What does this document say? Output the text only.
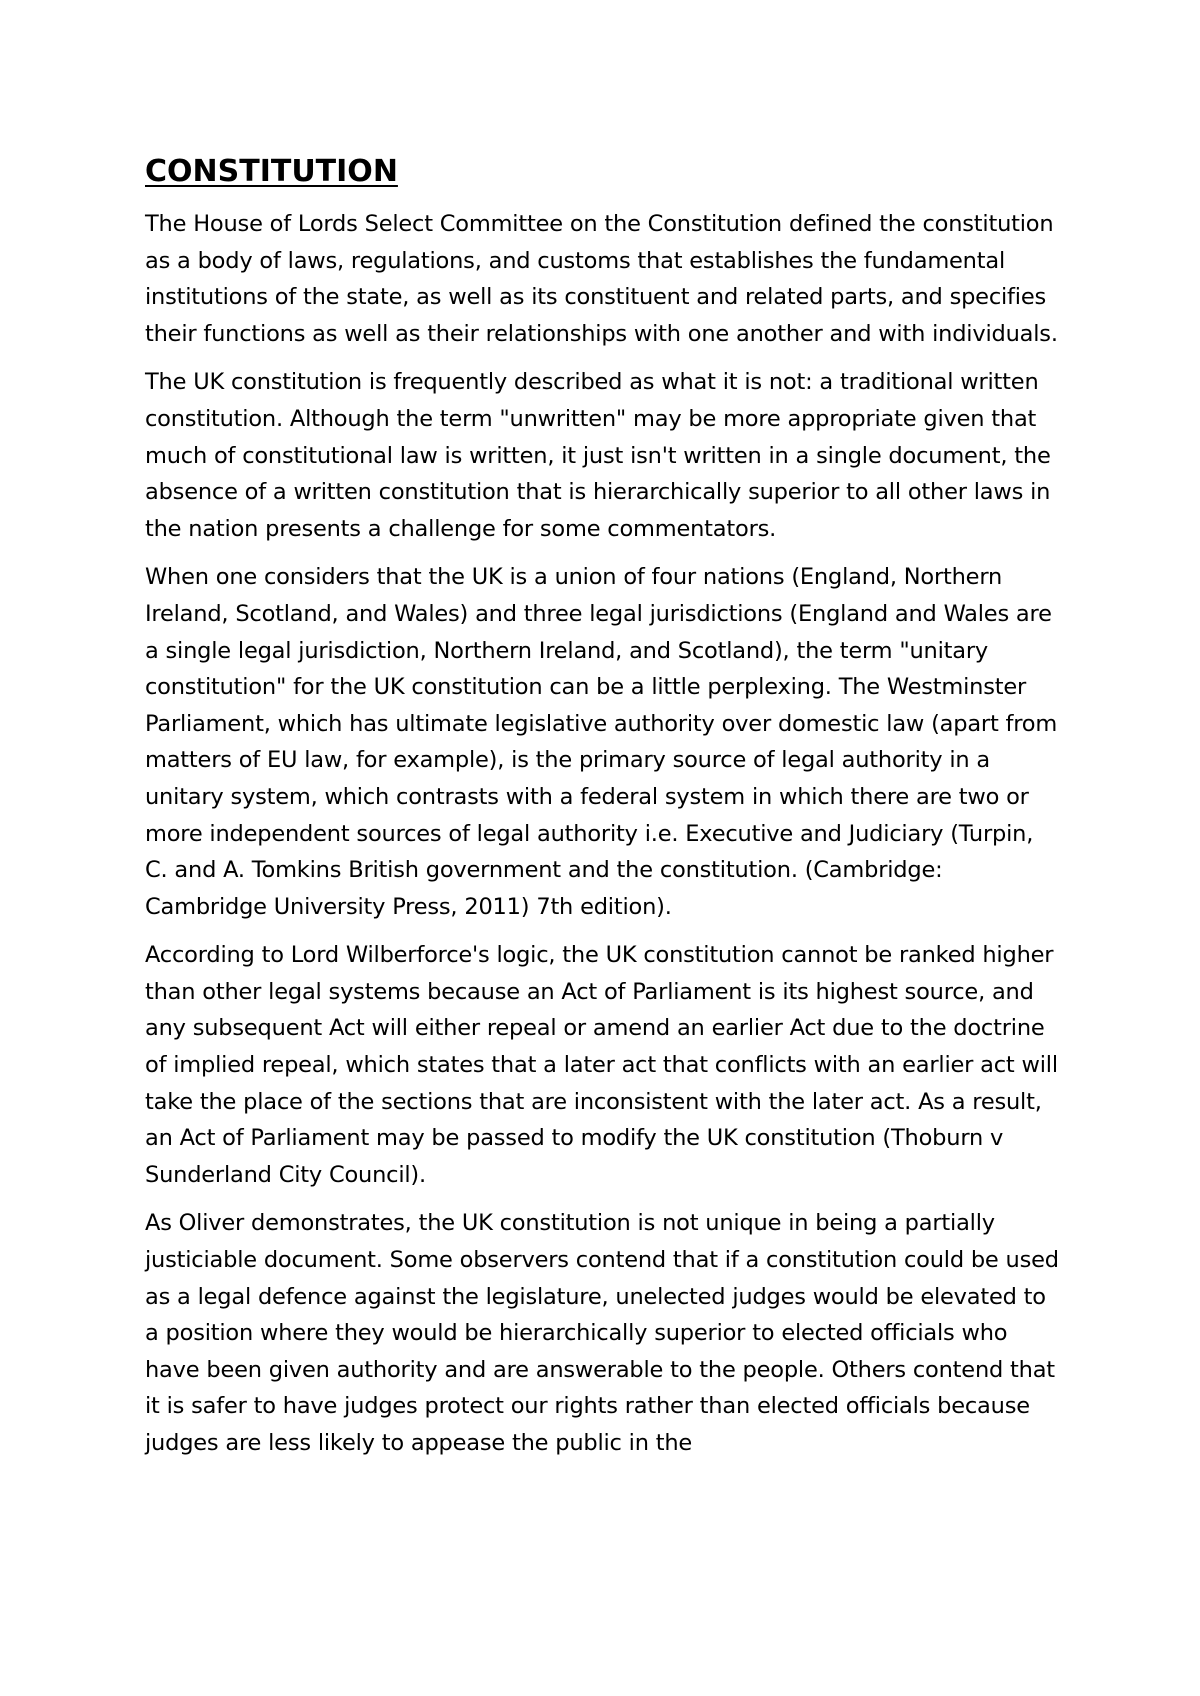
CONSTITUTION

The House of Lords Select Committee on the Constitution defined the constitution as a body of laws, regulations, and customs that establishes the fundamental institutions of the state, as well as its constituent and related parts, and specifies their functions as well as their relationships with one another and with individuals.

The UK constitution is frequently described as what it is not: a traditional written constitution. Although the term "unwritten" may be more appropriate given that much of constitutional law is written, it just isn't written in a single document, the absence of a written constitution that is hierarchically superior to all other laws in the nation presents a challenge for some commentators.

When one considers that the UK is a union of four nations (England, Northern Ireland, Scotland, and Wales) and three legal jurisdictions (England and Wales are a single legal jurisdiction, Northern Ireland, and Scotland), the term "unitary constitution" for the UK constitution can be a little perplexing. The Westminster Parliament, which has ultimate legislative authority over domestic law (apart from matters of EU law, for example), is the primary source of legal authority in a unitary system, which contrasts with a federal system in which there are two or more independent sources of legal authority i.e. Executive and Judiciary (Turpin, C. and A. Tomkins British government and the constitution. (Cambridge: Cambridge University Press, 2011) 7th edition).

According to Lord Wilberforce's logic, the UK constitution cannot be ranked higher than other legal systems because an Act of Parliament is its highest source, and any subsequent Act will either repeal or amend an earlier Act due to the doctrine of implied repeal, which states that a later act that conflicts with an earlier act will take the place of the sections that are inconsistent with the later act. As a result, an Act of Parliament may be passed to modify the UK constitution (Thoburn v Sunderland City Council).

As Oliver demonstrates, the UK constitution is not unique in being a partially justiciable document. Some observers contend that if a constitution could be used as a legal defence against the legislature, unelected judges would be elevated to a position where they would be hierarchically superior to elected officials who have been given authority and are answerable to the people. Others contend that it is safer to have judges protect our rights rather than elected officials because judges are less likely to appease the public in the
